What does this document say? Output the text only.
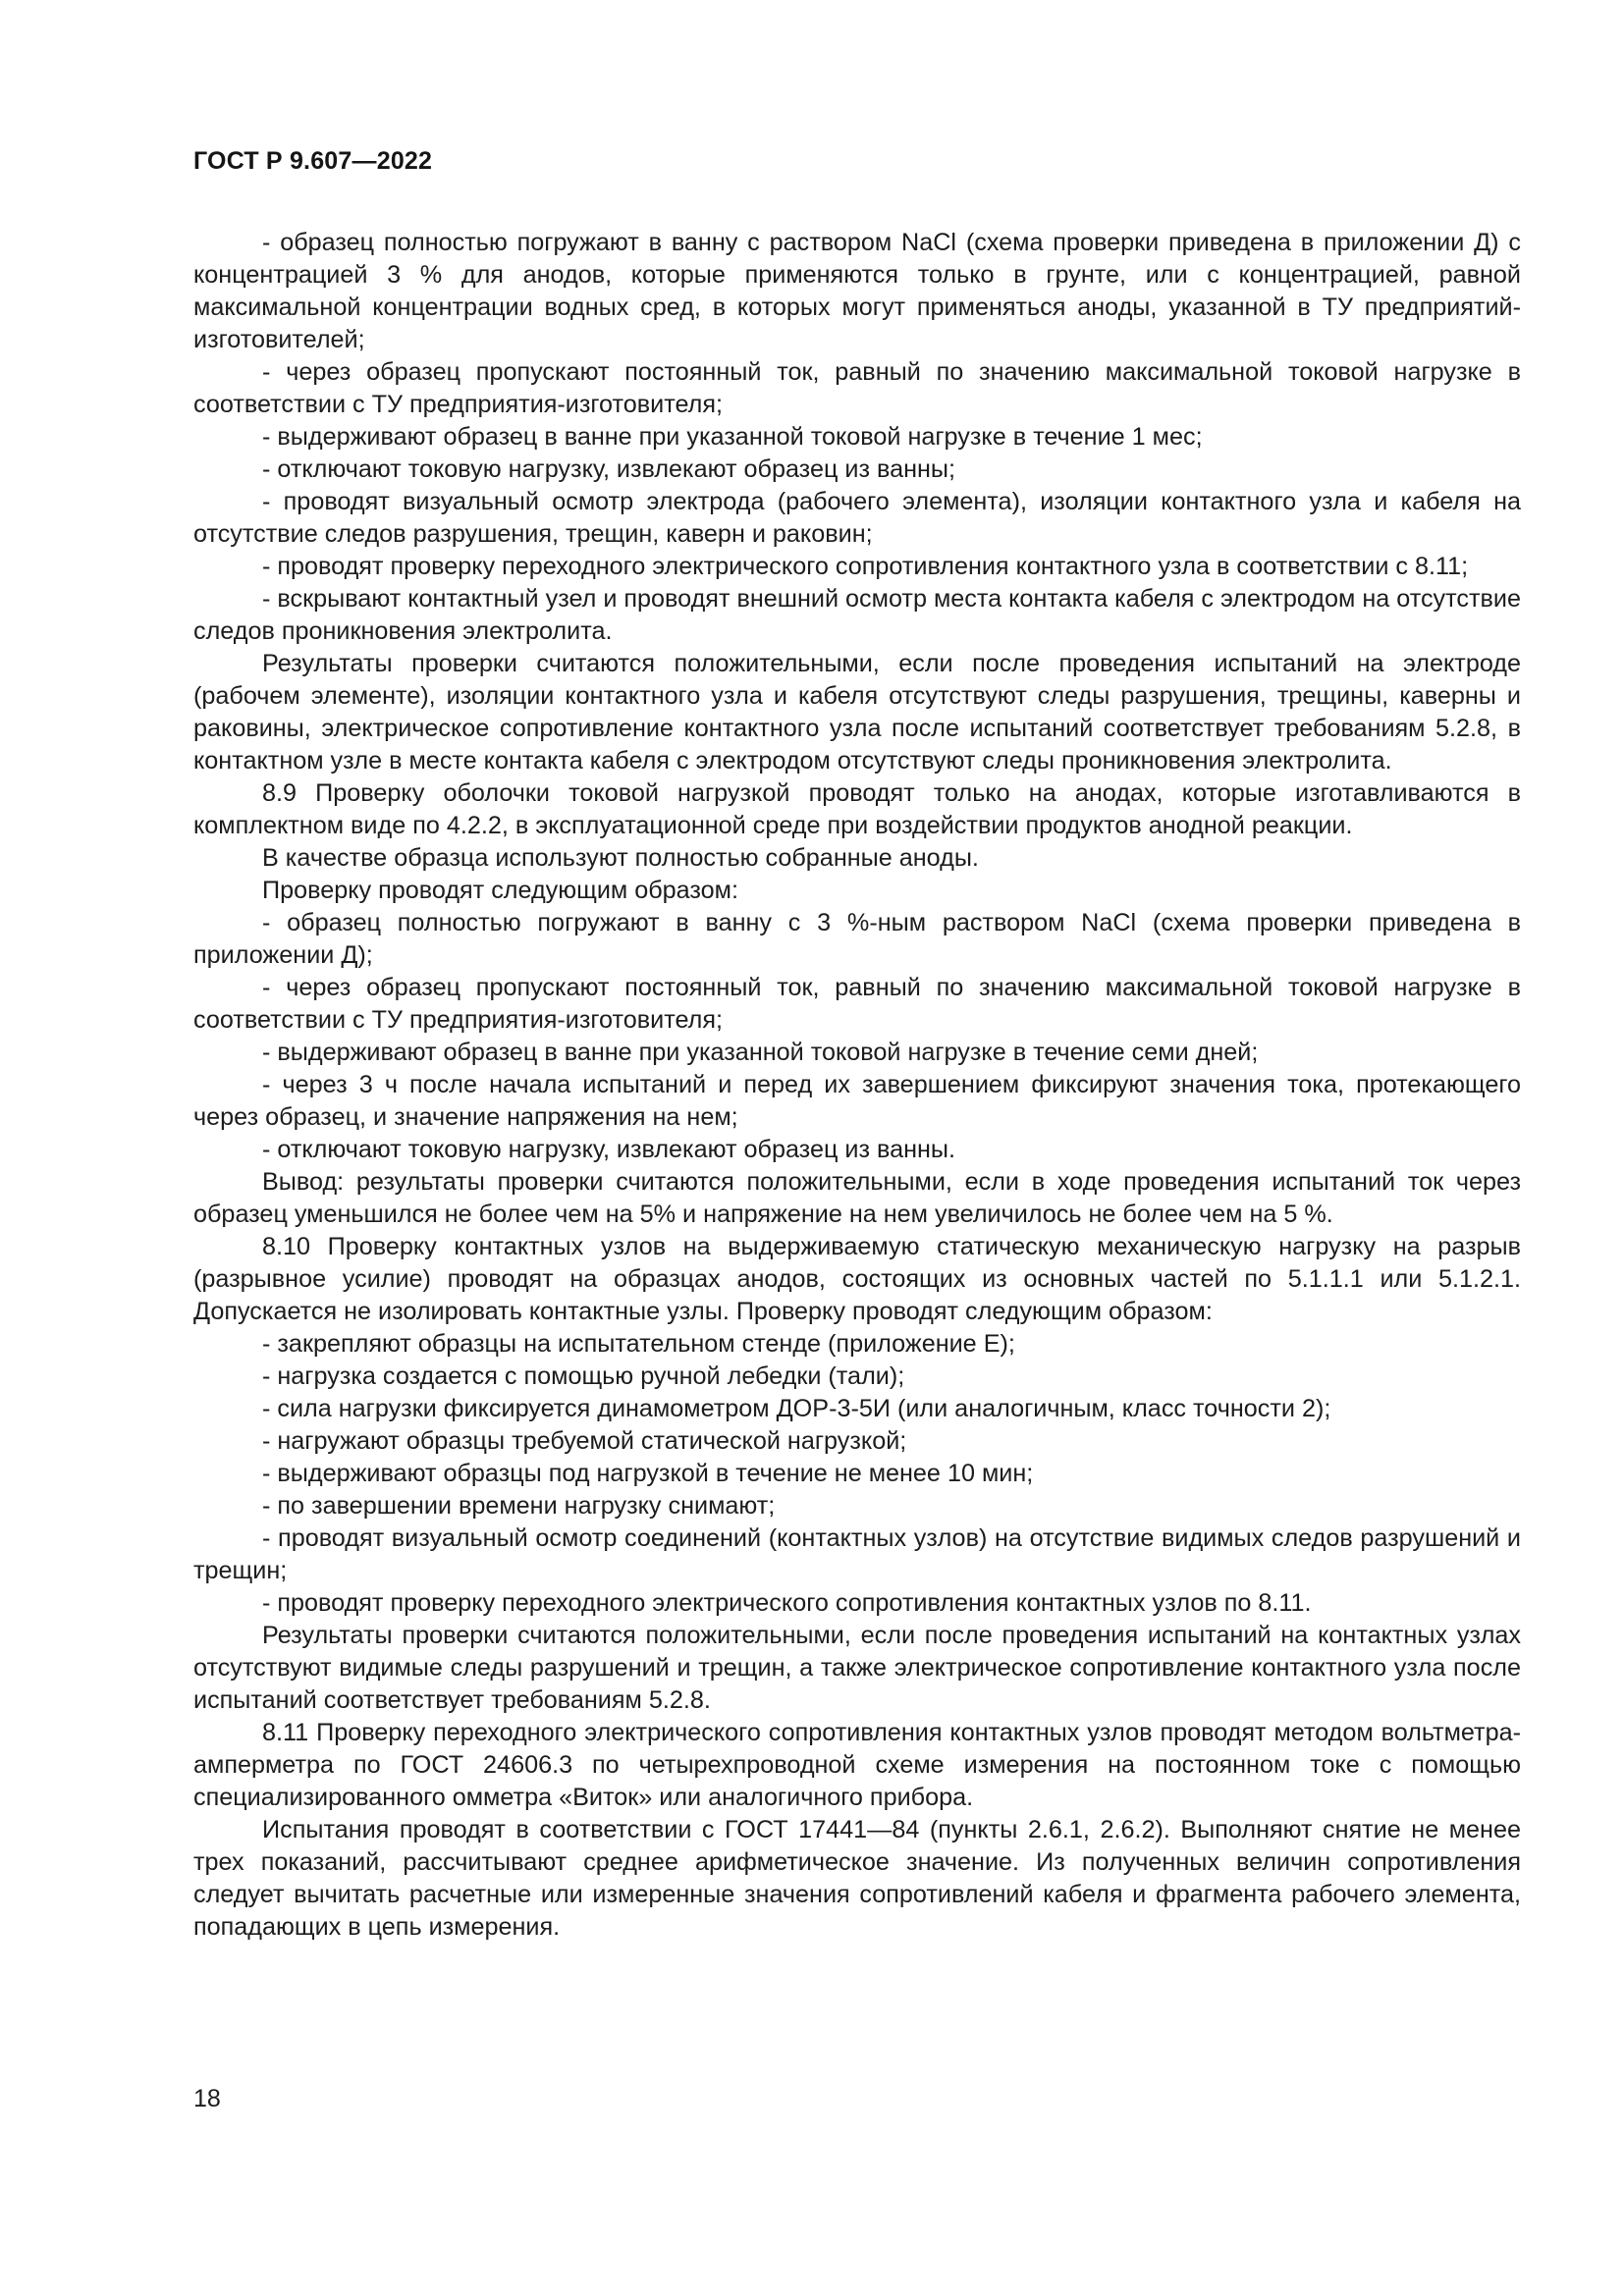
ГОСТ Р 9.607—2022

- образец полностью погружают в ванну с раствором NaCl (схема проверки приведена в приложении Д) с концентрацией 3 % для анодов, которые применяются только в грунте, или с концентрацией, равной максимальной концентрации водных сред, в которых могут применяться аноды, указанной в ТУ предприятий-изготовителей;

- через образец пропускают постоянный ток, равный по значению максимальной токовой нагрузке в соответствии с ТУ предприятия-изготовителя;

- выдерживают образец в ванне при указанной токовой нагрузке в течение 1 мес;

- отключают токовую нагрузку, извлекают образец из ванны;

- проводят визуальный осмотр электрода (рабочего элемента), изоляции контактного узла и кабеля на отсутствие следов разрушения, трещин, каверн и раковин;

- проводят проверку переходного электрического сопротивления контактного узла в соответствии с 8.11;

- вскрывают контактный узел и проводят внешний осмотр места контакта кабеля с электродом на отсутствие следов проникновения электролита.

Результаты проверки считаются положительными, если после проведения испытаний на электроде (рабочем элементе), изоляции контактного узла и кабеля отсутствуют следы разрушения, трещины, каверны и раковины, электрическое сопротивление контактного узла после испытаний соответствует требованиям 5.2.8, в контактном узле в месте контакта кабеля с электродом отсутствуют следы проникновения электролита.

8.9 Проверку оболочки токовой нагрузкой проводят только на анодах, которые изготавливаются в комплектном виде по 4.2.2, в эксплуатационной среде при воздействии продуктов анодной реакции.

В качестве образца используют полностью собранные аноды.

Проверку проводят следующим образом:

- образец полностью погружают в ванну с 3 %-ным раствором NaCl (схема проверки приведена в приложении Д);

- через образец пропускают постоянный ток, равный по значению максимальной токовой нагрузке в соответствии с ТУ предприятия-изготовителя;

- выдерживают образец в ванне при указанной токовой нагрузке в течение семи дней;

- через 3 ч после начала испытаний и перед их завершением фиксируют значения тока, протекающего через образец, и значение напряжения на нем;

- отключают токовую нагрузку, извлекают образец из ванны.

Вывод: результаты проверки считаются положительными, если в ходе проведения испытаний ток через образец уменьшился не более чем на 5% и напряжение на нем увеличилось не более чем на 5 %.

8.10 Проверку контактных узлов на выдерживаемую статическую механическую нагрузку на разрыв (разрывное усилие) проводят на образцах анодов, состоящих из основных частей по 5.1.1.1 или 5.1.2.1. Допускается не изолировать контактные узлы. Проверку проводят следующим образом:

- закрепляют образцы на испытательном стенде (приложение Е);

- нагрузка создается с помощью ручной лебедки (тали);

- сила нагрузки фиксируется динамометром ДОР-3-5И (или аналогичным, класс точности 2);

- нагружают образцы требуемой статической нагрузкой;

- выдерживают образцы под нагрузкой в течение не менее 10 мин;

- по завершении времени нагрузку снимают;

- проводят визуальный осмотр соединений (контактных узлов) на отсутствие видимых следов разрушений и трещин;

- проводят проверку переходного электрического сопротивления контактных узлов по 8.11.

Результаты проверки считаются положительными, если после проведения испытаний на контактных узлах отсутствуют видимые следы разрушений и трещин, а также электрическое сопротивление контактного узла после испытаний соответствует требованиям 5.2.8.

8.11 Проверку переходного электрического сопротивления контактных узлов проводят методом вольтметра-амперметра по ГОСТ 24606.3 по четырехпроводной схеме измерения на постоянном токе с помощью специализированного омметра «Виток» или аналогичного прибора.

Испытания проводят в соответствии с ГОСТ 17441—84 (пункты 2.6.1, 2.6.2). Выполняют снятие не менее трех показаний, рассчитывают среднее арифметическое значение. Из полученных величин сопротивления следует вычитать расчетные или измеренные значения сопротивлений кабеля и фрагмента рабочего элемента, попадающих в цепь измерения.

18
